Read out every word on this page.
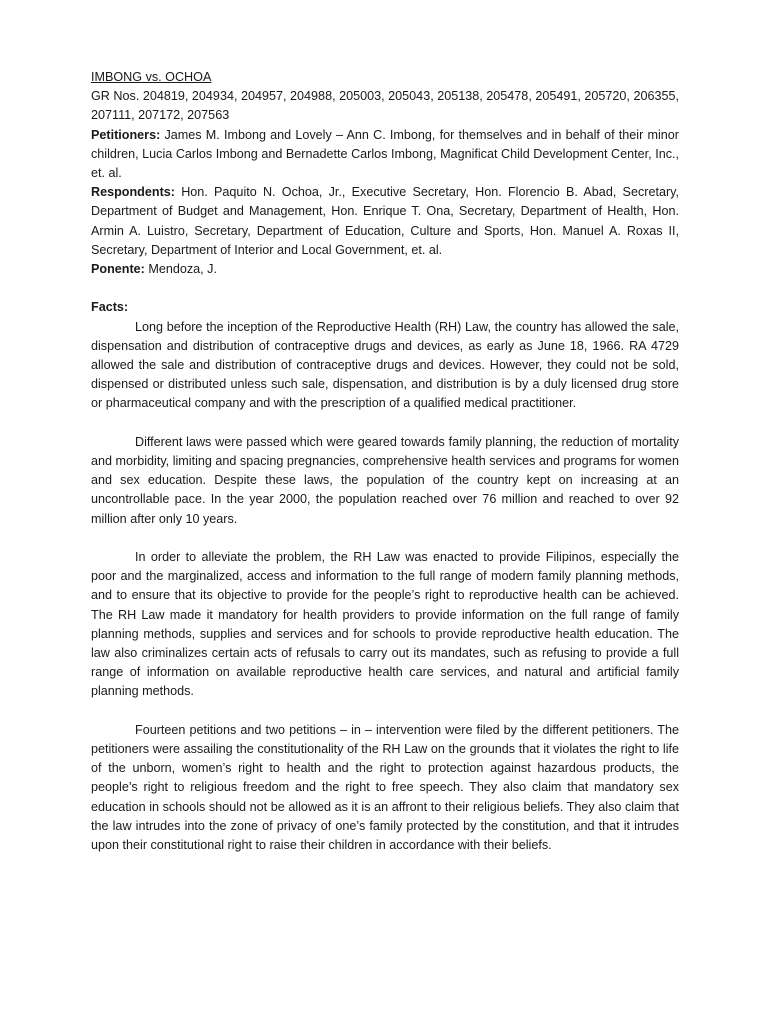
IMBONG vs. OCHOA

GR Nos. 204819, 204934, 204957, 204988, 205003, 205043, 205138, 205478, 205491, 205720, 206355, 207111, 207172, 207563

Petitioners: James M. Imbong and Lovely – Ann C. Imbong, for themselves and in behalf of their minor children, Lucia Carlos Imbong and Bernadette Carlos Imbong, Magnificat Child Development Center, Inc., et. al.

Respondents: Hon. Paquito N. Ochoa, Jr., Executive Secretary, Hon. Florencio B. Abad, Secretary, Department of Budget and Management, Hon. Enrique T. Ona, Secretary, Department of Health, Hon. Armin A. Luistro, Secretary, Department of Education, Culture and Sports, Hon. Manuel A. Roxas II, Secretary, Department of Interior and Local Government, et. al.

Ponente: Mendoza, J.

Facts:

Long before the inception of the Reproductive Health (RH) Law, the country has allowed the sale, dispensation and distribution of contraceptive drugs and devices, as early as June 18, 1966. RA 4729 allowed the sale and distribution of contraceptive drugs and devices. However, they could not be sold, dispensed or distributed unless such sale, dispensation, and distribution is by a duly licensed drug store or pharmaceutical company and with the prescription of a qualified medical practitioner.

Different laws were passed which were geared towards family planning, the reduction of mortality and morbidity, limiting and spacing pregnancies, comprehensive health services and programs for women and sex education. Despite these laws, the population of the country kept on increasing at an uncontrollable pace. In the year 2000, the population reached over 76 million and reached to over 92 million after only 10 years.

In order to alleviate the problem, the RH Law was enacted to provide Filipinos, especially the poor and the marginalized, access and information to the full range of modern family planning methods, and to ensure that its objective to provide for the people’s right to reproductive health can be achieved. The RH Law made it mandatory for health providers to provide information on the full range of family planning methods, supplies and services and for schools to provide reproductive health education. The law also criminalizes certain acts of refusals to carry out its mandates, such as refusing to provide a full range of information on available reproductive health care services, and natural and artificial family planning methods.

Fourteen petitions and two petitions – in – intervention were filed by the different petitioners. The petitioners were assailing the constitutionality of the RH Law on the grounds that it violates the right to life of the unborn, women’s right to health and the right to protection against hazardous products, the people’s right to religious freedom and the right to free speech. They also claim that mandatory sex education in schools should not be allowed as it is an affront to their religious beliefs. They also claim that the law intrudes into the zone of privacy of one’s family protected by the constitution, and that it intrudes upon their constitutional right to raise their children in accordance with their beliefs.
